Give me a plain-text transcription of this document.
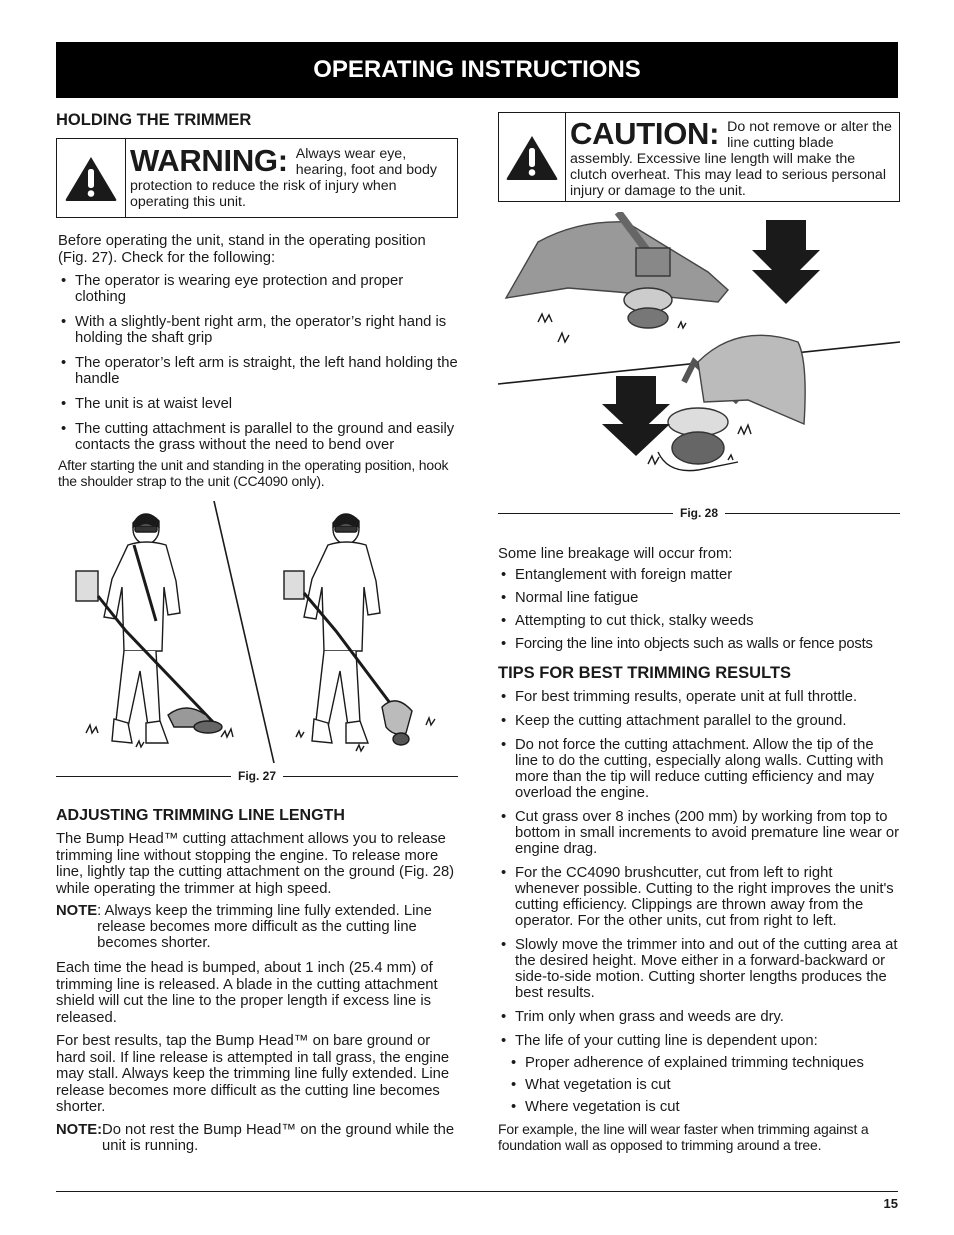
OPERATING INSTRUCTIONS
HOLDING THE TRIMMER
WARNING: Always wear eye, hearing, foot and body protection to reduce the risk of injury when operating this unit.

Before operating the unit, stand in the operating position (Fig. 27). Check for the following:

• The operator is wearing eye protection and proper clothing
• With a slightly-bent right arm, the operator’s right hand is holding the shaft grip
• The operator’s left arm is straight, the left hand holding the handle
• The unit is at waist level
• The cutting attachment is parallel to the ground and easily contacts the grass without the need to bend over

After starting the unit and standing in the operating position, hook the shoulder strap to the unit (CC4090 only).

Fig. 27
ADJUSTING TRIMMING LINE LENGTH

The Bump Head™ cutting attachment allows you to release trimming line without stopping the engine. To release more line, lightly tap the cutting attachment on the ground (Fig. 28) while operating the trimmer at high speed.

NOTE : Always keep the trimming line fully extended. Line release becomes more difficult as the cutting line becomes shorter.

Each time the head is bumped, about 1 inch (25.4 mm) of trimming line is released. A blade in the cutting attachment shield will cut the line to the proper length if excess line is released.

For best results, tap the Bump Head™ on bare ground or hard soil. If line release is attempted in tall grass, the engine may stall. Always keep the trimming line fully extended. Line release becomes more difficult as the cutting line becomes shorter.

NOTE: Do not rest the Bump Head™ on the ground while the unit is running.
CAUTION: Do not remove or alter the line cutting blade assembly. Excessive line length will make the clutch overheat. This may lead to serious personal injury or damage to the unit.
Fig. 28

Some line breakage will occur from:

• Entanglement with foreign matter
• Normal line fatigue
• Attempting to cut thick, stalky weeds
• Forcing the line into objects such as walls or fence posts
TIPS FOR BEST TRIMMING RESULTS
• For best trimming results, operate unit at full throttle.
• Keep the cutting attachment parallel to the ground.
• Do not force the cutting attachment. Allow the tip of the line to do the cutting, especially along walls. Cutting with more than the tip will reduce cutting efficiency and may overload the engine.
• Cut grass over 8 inches (200 mm) by working from top to bottom in small increments to avoid premature line wear or engine drag.
• For the CC4090 brushcutter, cut from left to right whenever possible. Cutting to the right improves the unit's cutting efficiency. Clippings are thrown away from the operator. For the other units, cut from right to left.
• Slowly move the trimmer into and out of the cutting area at the desired height. Move either in a forward-backward or side-to-side motion. Cutting shorter lengths produces the best results.
• Trim only when grass and weeds are dry.
• The life of your cutting line is dependent upon:
• Proper adherence of explained trimming techniques
• What vegetation is cut
• Where vegetation is cut

For example, the line will wear faster when trimming against a foundation wall as opposed to trimming around a tree.

15
